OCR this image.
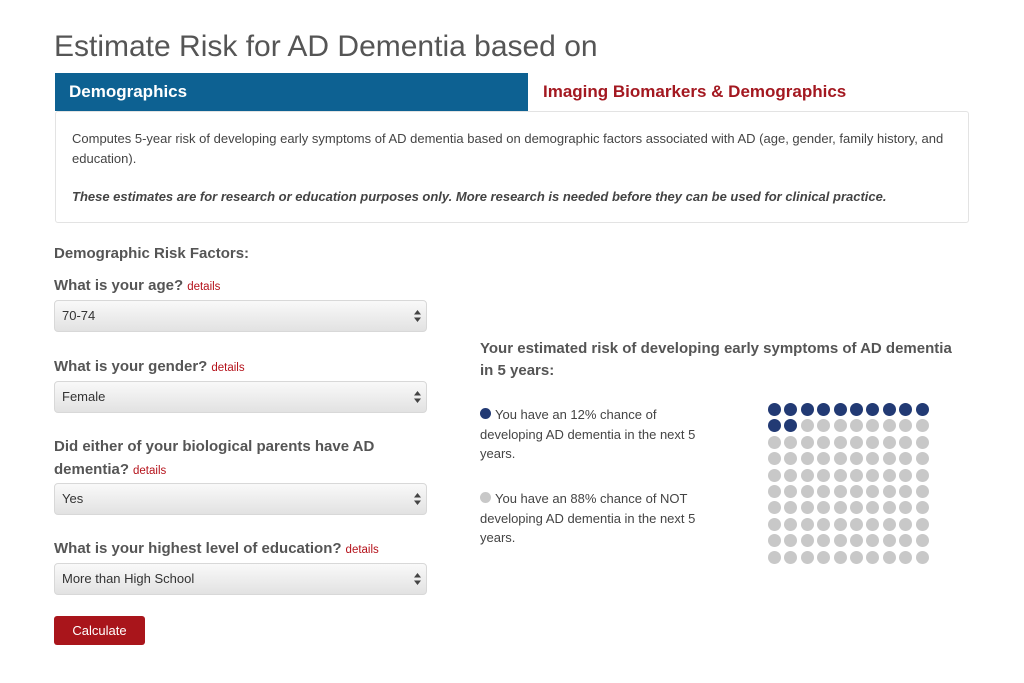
Estimate Risk for AD Dementia based on
Demographics	Imaging Biomarkers & Demographics

Computes 5-year risk of developing early symptoms of AD dementia based on demographic factors associated with AD (age, gender, family history, and education).

These estimates are for research or education purposes only. More research is needed before they can be used for clinical practice.

Demographic Risk Factors:
What is your age? details
70-74
What is your gender? details
Female
Did either of your biological parents have AD dementia? details
Yes
What is your highest level of education? details
More than High School
Calculate
Your estimated risk of developing early symptoms of AD dementia in 5 years:
You have an 12% chance of developing AD dementia in the next 5 years.
You have an 88% chance of NOT developing AD dementia in the next 5 years.
